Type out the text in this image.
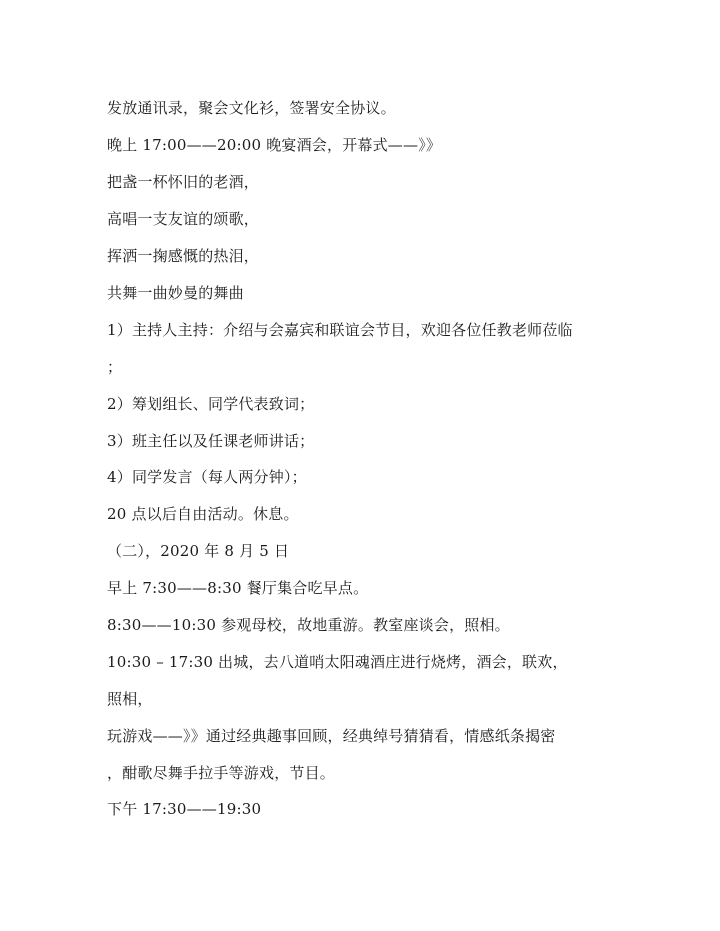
发放通讯录，聚会文化衫，签署安全协议。

晚上 17:00——20:00 晚宴酒会，开幕式——》》

把盏一杯怀旧的老酒，

高唱一支友谊的颂歌，

挥洒一掬感慨的热泪，

共舞一曲妙曼的舞曲

1）主持人主持：介绍与会嘉宾和联谊会节目，欢迎各位任教老师莅临

；

2）筹划组长、同学代表致词；

3）班主任以及任课老师讲话；

4）同学发言（每人两分钟）；

20 点以后自由活动。休息。

（二），2020 年 8 月 5 日

早上 7:30——8:30 餐厅集合吃早点。

8:30——10:30 参观母校，故地重游。教室座谈会，照相。

10:30 – 17:30 出城，去八道哨太阳魂酒庄进行烧烤，酒会，联欢，

照相，

玩游戏——》》通过经典趣事回顾，经典绰号猜猜看，情感纸条揭密

，酣歌尽舞手拉手等游戏，节目。

下午 17:30——19:30
